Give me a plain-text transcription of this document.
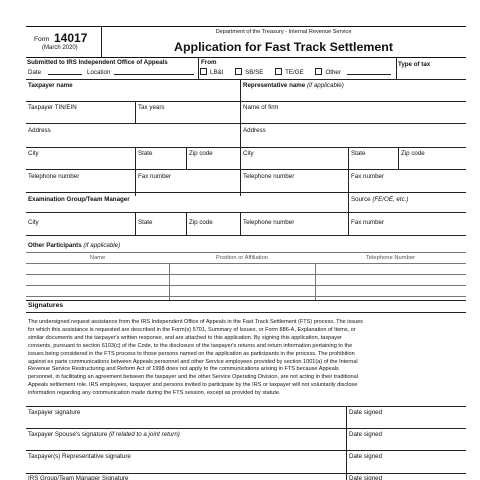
Form 14017
(March 2020)
Department of the Treasury - Internal Revenue Service
Application for Fast Track Settlement
Submitted to IRS Independent Office of Appeals
Date	Location
From
LB&I	SB/SE	TE/GE	Other
Type of tax
Taxpayer name	Representative name (if applicable)
Taxpayer TIN/EIN	Tax years	Name of firm
Address	Address
City	State	Zip code	City	State	Zip code
Telephone number	Fax number	Telephone number	Fax number
Examination Group/Team Manager	Source (FE/OE, etc.)
City	State	Zip code	Telephone number	Fax number
Other Participants (if applicable)
Name	Position or Affiliation	Telephone Number
Signatures
The undersigned request assistance from the IRS Independent Office of Appeals in the Fast Track Settlement (FTS) process. The issues
for which this assistance is requested are described in the Form(s) 5701, Summary of Issues, or Form 886-A, Explanation of Items, or
similar documents and the taxpayer's written response, and are attached to this application. By signing this application, taxpayer
consents, pursuant to section 6103(c) of the Code, to the disclosure of the taxpayer's returns and return information pertaining to the
issues being considered in the FTS process to those persons named on the application as participants in the process. The prohibition
against ex parte communications between Appeals personnel and other Service employees provided by section 1001(a) of the Internal
Revenue Service Restructuring and Reform Act of 1998 does not apply to the communications arising in FTS because Appeals
personnel, in facilitating an agreement between the taxpayer and the other Service Operating Division, are not acting in their traditional
Appeals settlement role. IRS employees, taxpayer and persons invited to participate by the IRS or taxpayer will not voluntarily disclose
information regarding any communication made during the FTS session, except as provided by statute.
Taxpayer signature	Date signed
Taxpayer Spouse's signature (if related to a joint return)	Date signed
Taxpayer(s) Representative signature	Date signed
IRS Group/Team Manager Signature	Date signed
